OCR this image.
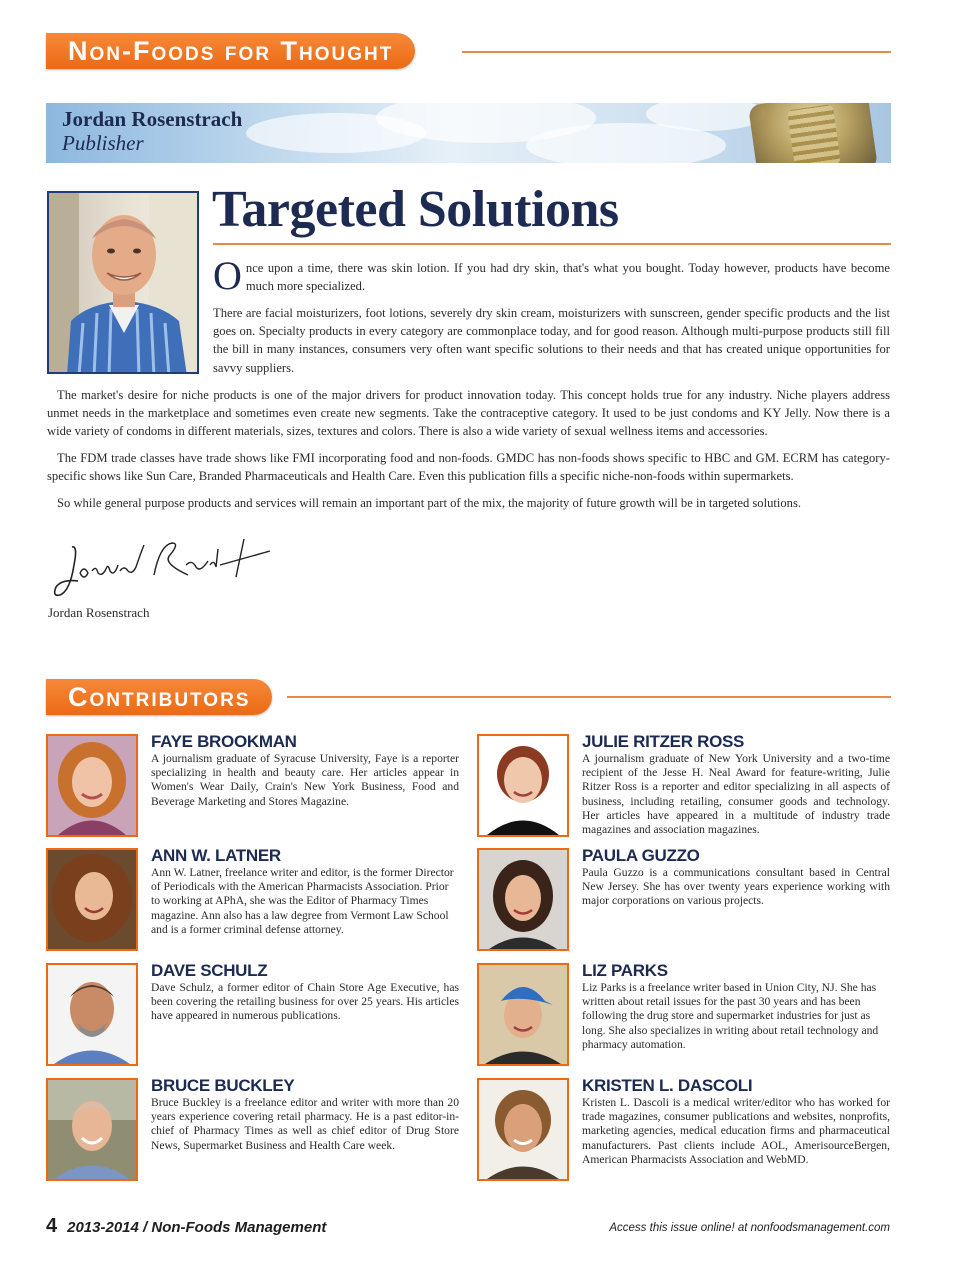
Non-Foods for Thought
Jordan Rosenstrach
Publisher
Targeted Solutions

Once upon a time, there was skin lotion. If you had dry skin, that's what you bought. Today however, products have become much more specialized.

There are facial moisturizers, foot lotions, severely dry skin cream, moisturizers with sunscreen, gender specific products and the list goes on. Specialty products in every category are commonplace today, and for good reason. Although multi-purpose products still fill the bill in many instances, consumers very often want specific solutions to their needs and that has created unique opportunities for savvy suppliers.

The market's desire for niche products is one of the major drivers for product innovation today. This concept holds true for any industry. Niche players address unmet needs in the marketplace and sometimes even create new segments. Take the contraceptive category. It used to be just condoms and KY Jelly. Now there is a wide variety of condoms in different materials, sizes, textures and colors. There is also a wide variety of sexual wellness items and accessories.

The FDM trade classes have trade shows like FMI incorporating food and non-foods. GMDC has non-foods shows specific to HBC and GM. ECRM has category-specific shows like Sun Care, Branded Pharmaceuticals and Health Care. Even this publication fills a specific niche-non-foods within supermarkets.

So while general purpose products and services will remain an important part of the mix, the majority of future growth will be in targeted solutions.

Jordan Rosenstrach
Contributors
FAYE BROOKMAN

A journalism graduate of Syracuse University, Faye is a reporter specializing in health and beauty care. Her articles appear in Women's Wear Daily, Crain's New York Business, Food and Beverage Marketing and Stores Magazine.

JULIE RITZER ROSS

A journalism graduate of New York University and a two-time recipient of the Jesse H. Neal Award for feature-writing, Julie Ritzer Ross is a reporter and editor specializing in all aspects of business, including retailing, consumer goods and technology. Her articles have appeared in a multitude of industry trade magazines and association magazines.

ANN W. LATNER

Ann W. Latner, freelance writer and editor, is the former Director of Periodicals with the American Pharmacists Association. Prior to working at APhA, she was the Editor of Pharmacy Times magazine. Ann also has a law degree from Vermont Law School and is a former criminal defense attorney.

PAULA GUZZO

Paula Guzzo is a communications consultant based in Central New Jersey. She has over twenty years experience working with major corporations on various projects.

DAVE SCHULZ

Dave Schulz, a former editor of Chain Store Age Executive, has been covering the retailing business for over 25 years. His articles have appeared in numerous publications.

LIZ PARKS

Liz Parks is a freelance writer based in Union City, NJ. She has written about retail issues for the past 30 years and has been following the drug store and supermarket industries for just as long. She also specializes in writing about retail technology and pharmacy automation.

BRUCE BUCKLEY

Bruce Buckley is a freelance editor and writer with more than 20 years experience covering retail pharmacy. He is a past editor-in-chief of Pharmacy Times as well as chief editor of Drug Store News, Supermarket Business and Health Care week.

KRISTEN L. DASCOLI

Kristen L. Dascoli is a medical writer/editor who has worked for trade magazines, consumer publications and websites, nonprofits, marketing agencies, medical education firms and pharmaceutical manufacturers. Past clients include AOL, AmerisourceBergen, American Pharmacists Association and WebMD.

4 2013-2014 / Non-Foods Management	Access this issue online! at nonfoodsmanagement.com
